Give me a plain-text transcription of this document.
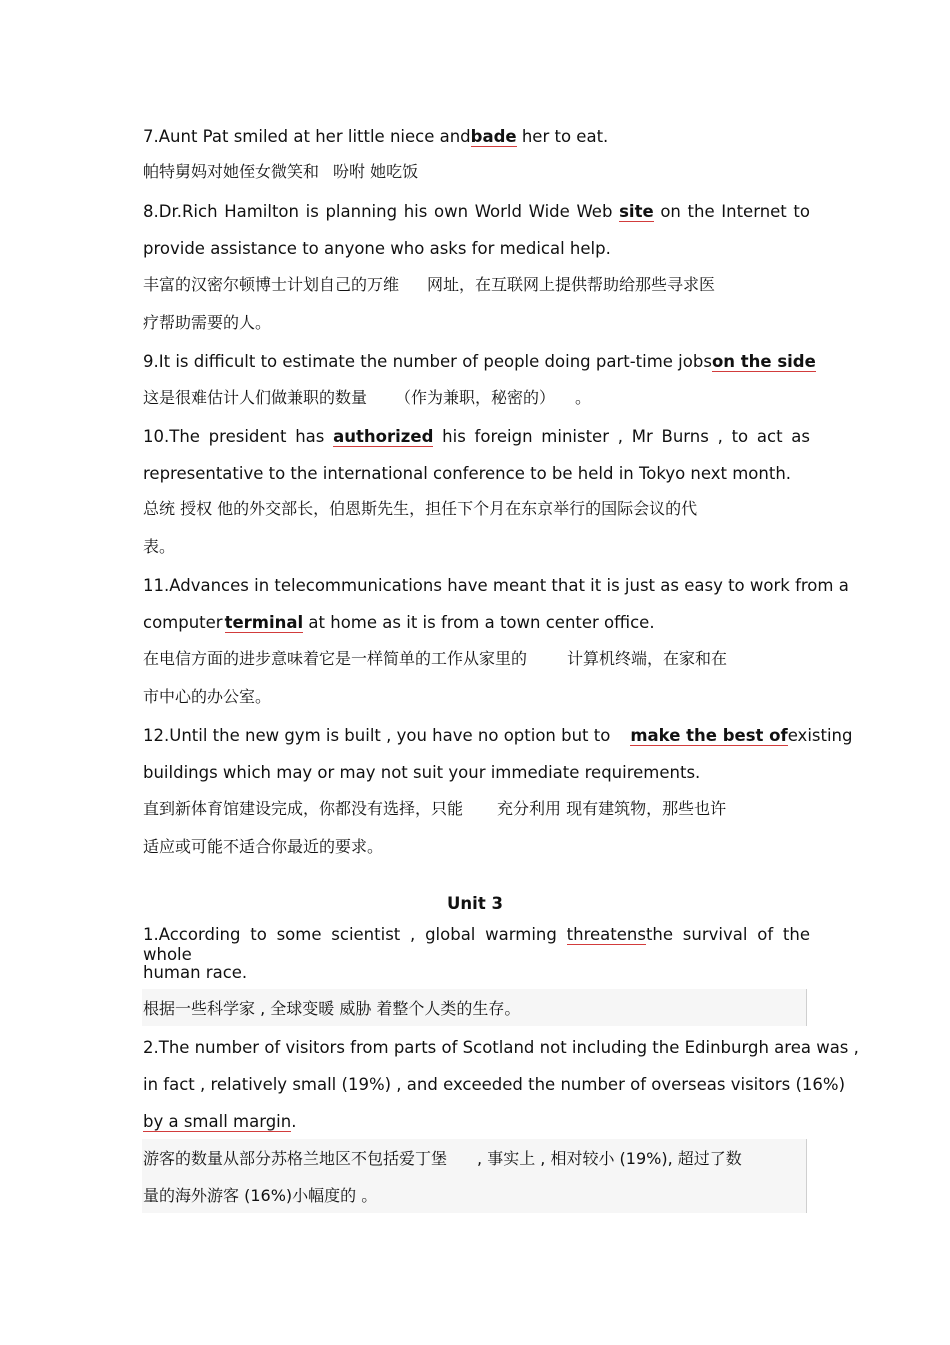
7.Aunt Pat smiled at her little niece andbade her to eat.
帕特舅妈对她侄女微笑和 吩咐 她吃饭
8.Dr.Rich Hamilton is planning his own World Wide Web site on the Internet to
provide assistance to anyone who asks for medical help.
丰富的汉密尔顿博士计划自己的万维 网址，在互联网上提供帮助给那些寻求医
疗帮助需要的人。
9.It is difficult to estimate the number of people doing part-time jobson the side
这是很难估计人们做兼职的数量 （作为兼职，秘密的） 。
10.The president has authorized his foreign minister , Mr Burns , to act as
representative to the international conference to be held in Tokyo next month.
总统 授权 他的外交部长，伯恩斯先生，担任下个月在东京举行的国际会议的代
表。
11.Advances in telecommunications have meant that it is just as easy to work from a
computer terminal at home as it is from a town center office.
在电信方面的进步意味着它是一样简单的工作从家里的	计算机终端，在家和在
市中心的办公室。
12.Until the new gym is built , you have no option but to make the best ofexisting
buildings which may or may not suit your immediate requirements.
直到新体育馆建设完成，你都没有选择，只能 充分利用 现有建筑物，那些也许
适应或可能不适合你最近的要求。
Unit 3
1.According to some scientist , global warming threatensthe survival of the whole
human race.
根据一些科学家 , 全球变暖 威胁 着整个人类的生存。
2.The number of visitors from parts of Scotland not including the Edinburgh area was ,
in fact , relatively small (19%) , and exceeded the number of overseas visitors (16%)
by a small margin.
游客的数量从部分苏格兰地区不包括爱丁堡 , 事实上 , 相对较小 (19%), 超过了数
量的海外游客 (16%)小幅度的 。
